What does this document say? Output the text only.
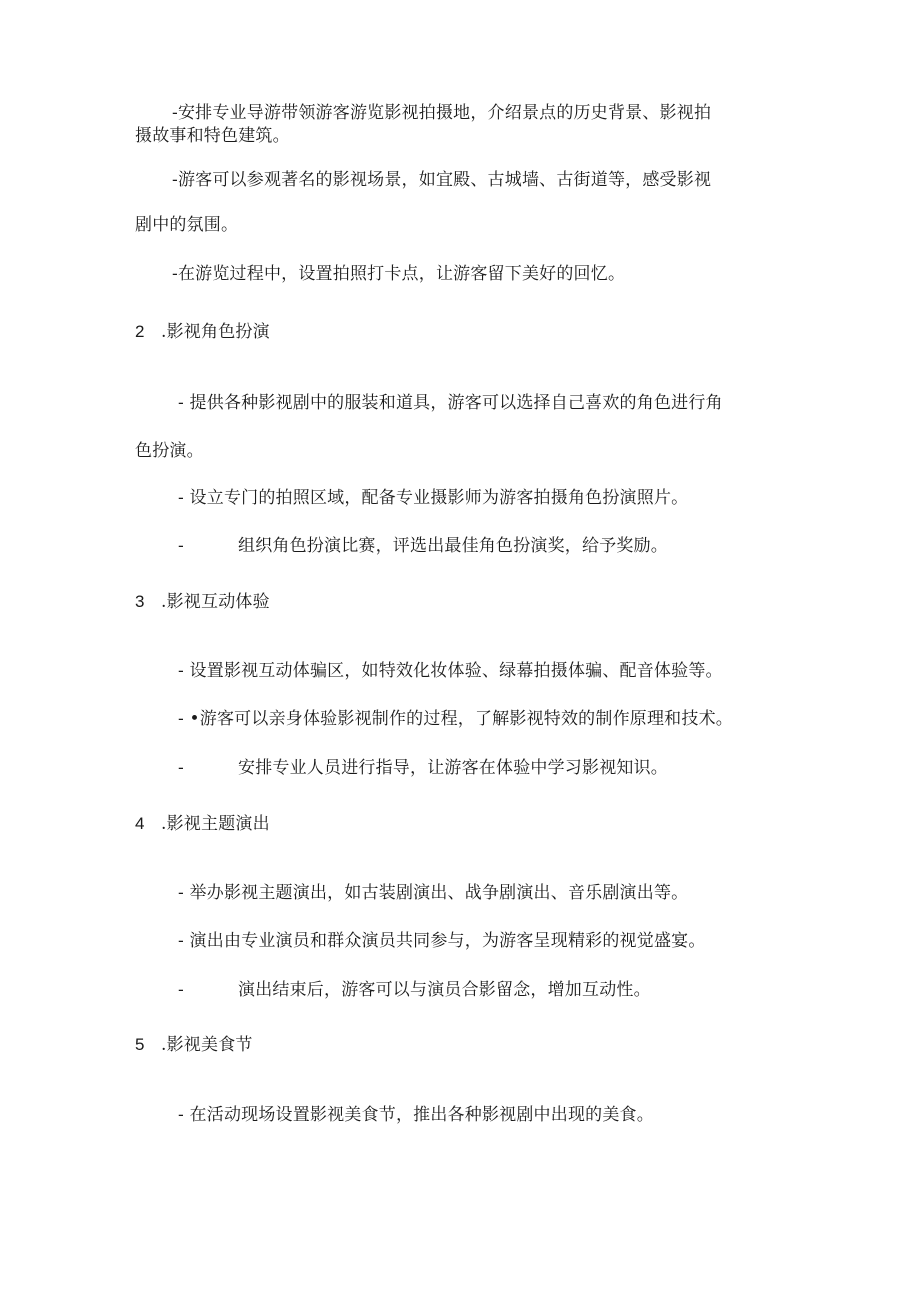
-安排专业导游带领游客游览影视拍摄地，介绍景点的历史背景、影视拍
摄故事和特色建筑。
-游客可以参观著名的影视场景，如宜殿、古城墙、古街道等，感受影视
剧中的氛围。
-在游览过程中，设置拍照打卡点，让游客留下美好的回忆。
2 .影视角色扮演
- 提供各种影视剧中的服装和道具，游客可以选择自己喜欢的角色进行角
色扮演。
- 设立专门的拍照区域，配备专业摄影师为游客拍摄角色扮演照片。
-	组织角色扮演比赛，评选出最佳角色扮演奖，给予奖励。
3 .影视互动体验
- 设置影视互动体骗区，如特效化妆体验、绿幕拍摄体骗、配音体验等。
- •游客可以亲身体验影视制作的过程，了解影视特效的制作原理和技术。
-	安排专业人员进行指导，让游客在体验中学习影视知识。
4 .影视主题演出
- 举办影视主题演出，如古装剧演出、战争剧演出、音乐剧演出等。
- 演出由专业演员和群众演员共同参与，为游客呈现精彩的视觉盛宴。
-	演出结束后，游客可以与演员合影留念，增加互动性。
5 .影视美食节
- 在活动现场设置影视美食节，推出各种影视剧中出现的美食。
